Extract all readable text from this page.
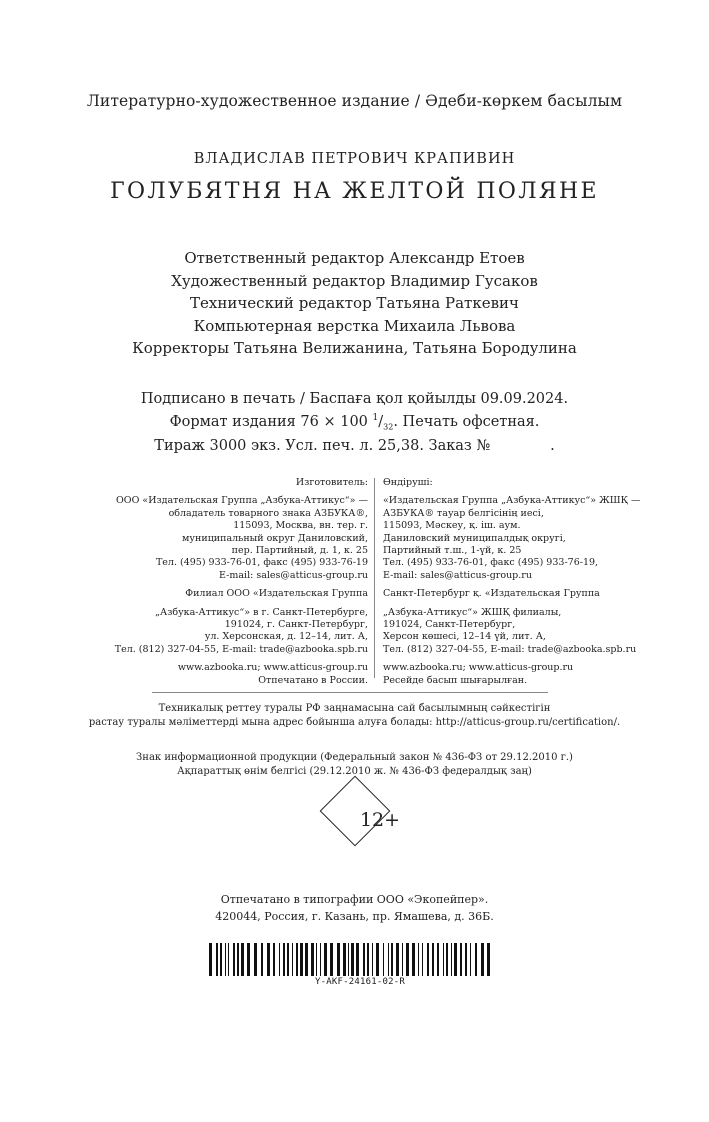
Литературно-художественное издание / Әдеби-көркем басылым
ВЛАДИСЛАВ ПЕТРОВИЧ КРАПИВИН
ГОЛУБЯТНЯ НА ЖЕЛТОЙ ПОЛЯНЕ
Ответственный редактор Александр Етоев
Художественный редактор Владимир Гусаков
Технический редактор Татьяна Раткевич
Компьютерная верстка Михаила Львова
Корректоры Татьяна Велижанина, Татьяна Бородулина
Подписано в печать / Баспаға қол қойылды 09.09.2024.
Формат издания 76 × 100 $^1/_{32}$. Печать офсетная.
Тираж 3000 экз. Усл. печ. л. 25,38. Заказ №             .
Изготовитель:
ООО «Издательская Группа „Азбука-Аттикус“» —
обладатель товарного знака АЗБУКА®,
115093, Москва, вн. тер. г.
муниципальный округ Даниловский,
пер. Партийный, д. 1, к. 25
Тел. (495) 933-76-01, факс (495) 933-76-19
E-mail: sales@atticus-group.ru
Филиал ООО «Издательская Группа
„Азбука-Аттикус“» в г. Санкт-Петербурге,
191024, г. Санкт-Петербург,
ул. Херсонская, д. 12–14, лит. А,
Тел. (812) 327-04-55, E-mail: trade@azbooka.spb.ru
www.azbooka.ru; www.atticus-group.ru
Отпечатано в России.
Өндіруші:
«Издательская Группа „Азбука-Аттикус“» ЖШҚ —
АЗБУКА® тауар белгісінің иесі,
115093, Мәскеу, қ. іш. аум.
Даниловский муниципалдық округі,
Партийный т.ш., 1-үй, к. 25
Тел. (495) 933-76-01, факс (495) 933-76-19,
E-mail: sales@atticus-group.ru
Санкт-Петербург қ. «Издательская Группа
„Азбука-Аттикус“» ЖШҚ филиалы,
191024, Санкт-Петербург,
Херсон көшесі, 12–14 үй, лит. А,
Тел. (812) 327-04-55, E-mail: trade@azbooka.spb.ru
www.azbooka.ru; www.atticus-group.ru
Ресейде басып шығарылған.
Техникалық реттеу туралы РФ заңнамасына сай басылымның сәйкестігін
растау туралы мәліметтерді мына адрес бойынша алуға болады: http://atticus-group.ru/certification/.
Знак информационной продукции (Федеральный закон № 436-ФЗ от 29.12.2010 г.)
Ақпараттық өнім белгісі (29.12.2010 ж. № 436-ФЗ федералдық заң)
12+
Отпечатано в типографии ООО «Экопейпер».
420044, Россия, г. Казань, пр. Ямашева, д. 36Б.
Y-AKF-24161-02-R
